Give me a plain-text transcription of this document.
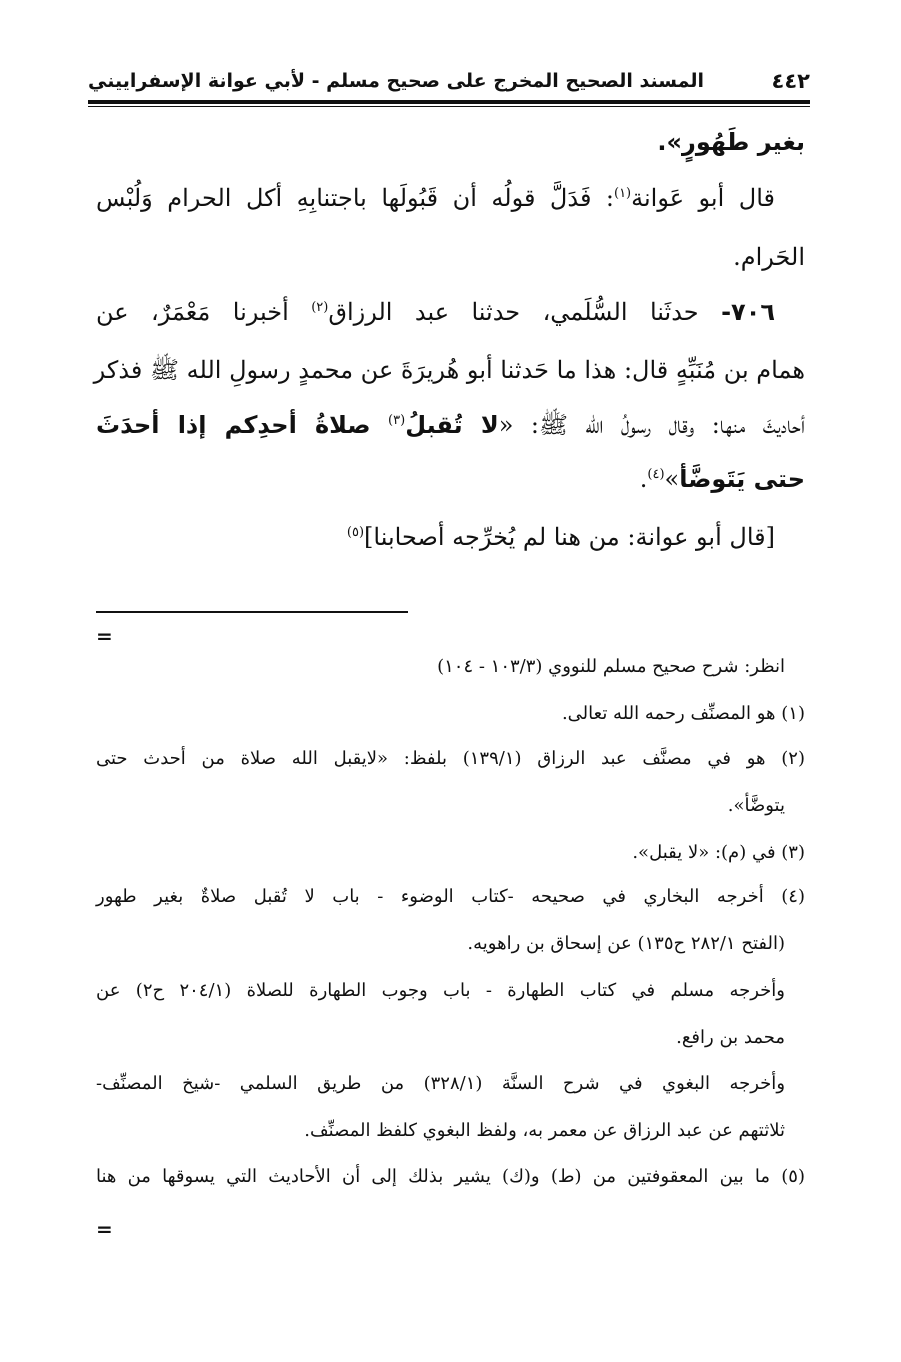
٤٤٢
المسند الصحيح المخرج على صحيح مسلم - لأبي عوانة الإسفراييني
بغير طَهُورٍ».
قال أبو عَوانة$^{(١)}$: فَدَلَّ قولُه أن قَبُولَها باجتنابِهِ أكل الحرام وَلُبْس
الحَرام.
٧٠٦- حدثَنا السُّلَمي، حدثنا عبد الرزاق$^{(٢)}$ أخبرنا مَعْمَرٌ، عن
همام بن مُنَبِّهٍ قال: هذا ما حَدثنا أبو هُريرَةَ عن محمدٍ رسولِ الله ﷺ فذكر
أحاديثَ منها: وقال رسولُ الله ﷺ: «لا تُقبلُ$^{(٣)}$ صلاةُ أحدِكم إذا أحدَثَ
حتى يَتَوضَّأ»$^{(٤)}$.
[قال أبو عوانة: من هنا لم يُخرِّجه أصحابنا]$^{(٥)}$
=
انظر: شرح صحيح مسلم للنووي (١٠٣/٣ - ١٠٤)
(١) هو المصنِّف رحمه الله تعالى.
(٢) هو في مصنَّف عبد الرزاق (١٣٩/١) بلفظ: «لايقبل الله صلاة من أحدث حتى
يتوضَّأ».
(٣) في (م): «لا يقبل».
(٤) أخرجه البخاري في صحيحه -كتاب الوضوء - باب لا تُقبل صلاةٌ بغير طهور
(الفتح ٢٨٢/١ ح١٣٥) عن إسحاق بن راهويه.
وأخرجه مسلم في كتاب الطهارة - باب وجوب الطهارة للصلاة (٢٠٤/١ ح٢) عن
محمد بن رافع.
وأخرجه البغوي في شرح السنَّة (٣٢٨/١) من طريق السلمي -شيخ المصنِّف-
ثلاثتهم عن عبد الرزاق عن معمر به، ولفظ البغوي كلفظ المصنِّف.
(٥) ما بين المعقوفتين من (ط) و(ك) يشير بذلك إلى أن الأحاديث التي يسوقها من هنا
=
